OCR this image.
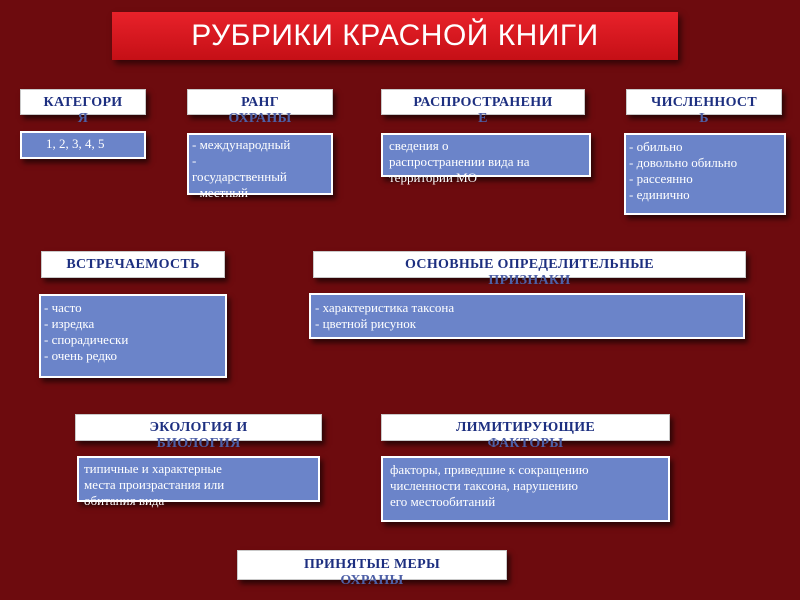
РУБРИКИ КРАСНОЙ КНИГИ
КАТЕГОРИ
Я
1, 2, 3, 4, 5
РАНГ
ОХРАНЫ
- международный
-
государственный
- местный
РАСПРОСТРАНЕНИ
Е
сведения о
распространении вида на
территории МО
ЧИСЛЕННОСТ
Ь
- обильно
- довольно обильно
- рассеянно
- единично
ВСТРЕЧАЕМОСТЬ
- часто
- изредка
- спорадически
- очень редко
ОСНОВНЫЕ ОПРЕДЕЛИТЕЛЬНЫЕ
ПРИЗНАКИ
- характеристика таксона
- цветной рисунок
ЭКОЛОГИЯ И
БИОЛОГИЯ
типичные и характерные
места произрастания или
обитания вида
ЛИМИТИРУЮЩИЕ
ФАКТОРЫ
факторы, приведшие к сокращению
численности таксона, нарушению
его местообитаний
ПРИНЯТЫЕ МЕРЫ
ОХРАНЫ
